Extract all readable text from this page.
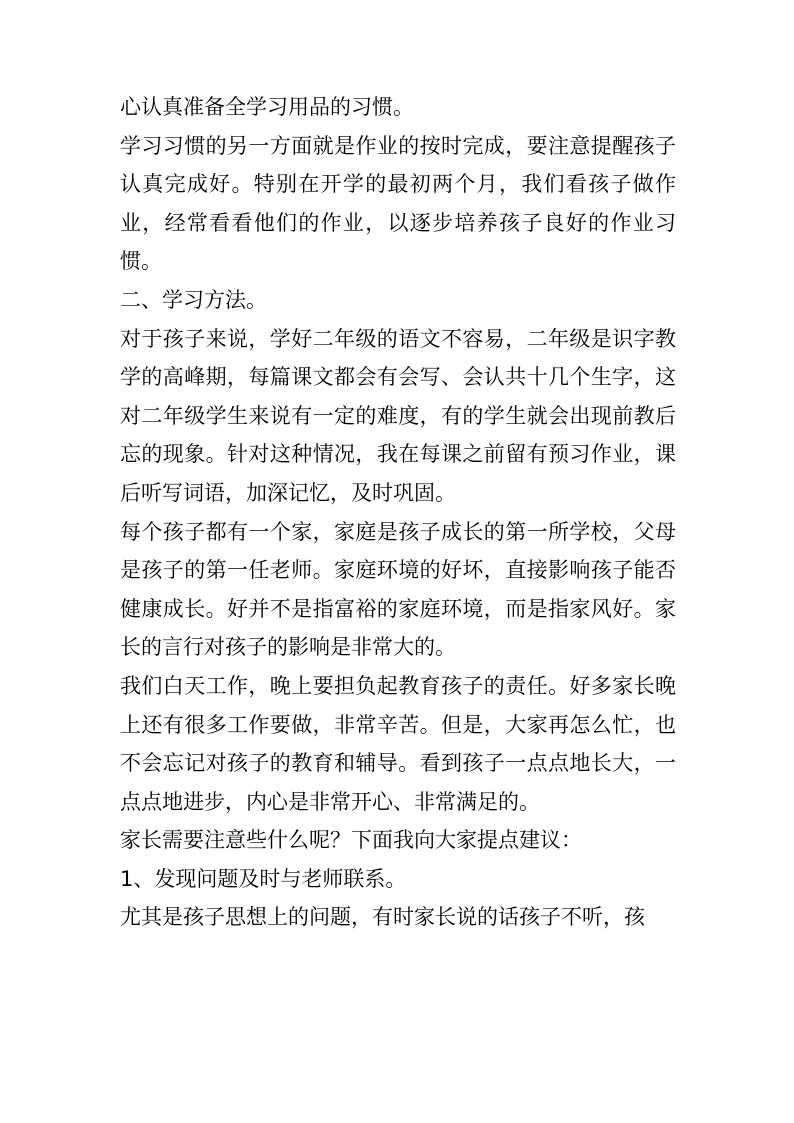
心认真准备全学习用品的习惯。

学习习惯的另一方面就是作业的按时完成，要注意提醒孩子认真完成好。特别在开学的最初两个月，我们看孩子做作业，经常看看他们的作业，以逐步培养孩子良好的作业习惯。

二、学习方法。

对于孩子来说，学好二年级的语文不容易，二年级是识字教学的高峰期，每篇课文都会有会写、会认共十几个生字，这对二年级学生来说有一定的难度，有的学生就会出现前教后忘的现象。针对这种情况，我在每课之前留有预习作业，课后听写词语，加深记忆，及时巩固。

每个孩子都有一个家，家庭是孩子成长的第一所学校，父母是孩子的第一任老师。家庭环境的好坏，直接影响孩子能否健康成长。好并不是指富裕的家庭环境，而是指家风好。家长的言行对孩子的影响是非常大的。

我们白天工作，晚上要担负起教育孩子的责任。好多家长晚上还有很多工作要做，非常辛苦。但是，大家再怎么忙，也不会忘记对孩子的教育和辅导。看到孩子一点点地长大，一点点地进步，内心是非常开心、非常满足的。

家长需要注意些什么呢？下面我向大家提点建议：

1、发现问题及时与老师联系。

尤其是孩子思想上的问题，有时家长说的话孩子不听，孩
